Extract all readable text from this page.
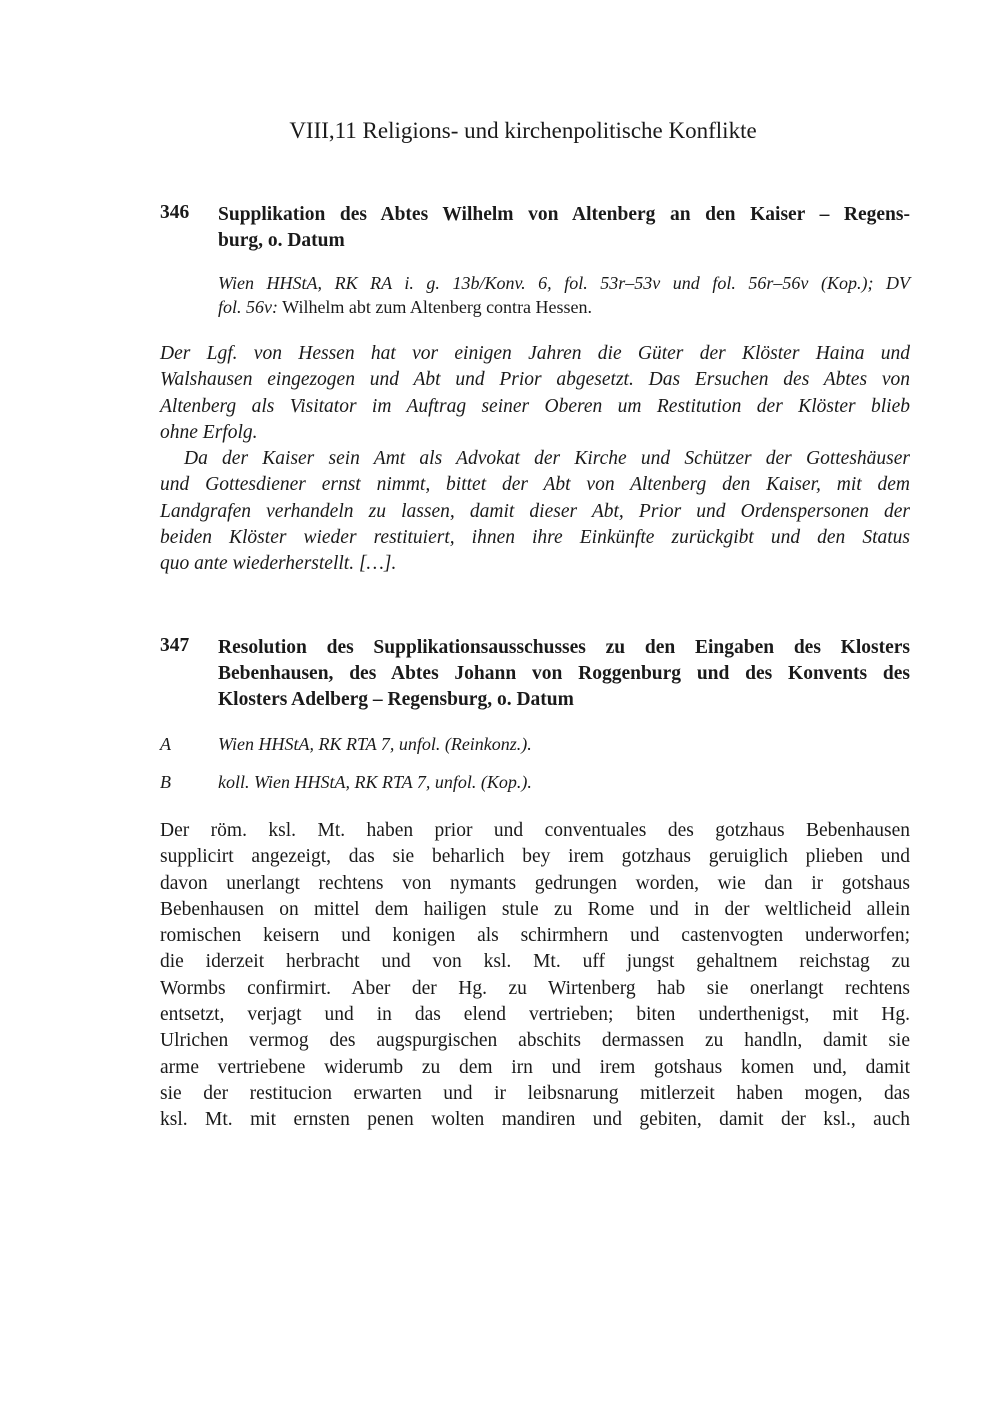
VIII,11 Religions- und kirchenpolitische Konflikte
346 Supplikation des Abtes Wilhelm von Altenberg an den Kaiser – Regens-
burg, o. Datum
Wien HHStA, RK RA i. g. 13b/Konv. 6, fol. 53r–53v und fol. 56r–56v (Kop.); DV
fol. 56v: Wilhelm abt zum Altenberg contra Hessen.
Der Lgf. von Hessen hat vor einigen Jahren die Güter der Klöster Haina und
Walshausen eingezogen und Abt und Prior abgesetzt. Das Ersuchen des Abtes von
Altenberg als Visitator im Auftrag seiner Oberen um Restitution der Klöster blieb
ohne Erfolg.
Da der Kaiser sein Amt als Advokat der Kirche und Schützer der Gotteshäuser
und Gottesdiener ernst nimmt, bittet der Abt von Altenberg den Kaiser, mit dem
Landgrafen verhandeln zu lassen, damit dieser Abt, Prior und Ordenspersonen der
beiden Klöster wieder restituiert, ihnen ihre Einkünfte zurückgibt und den Status
quo ante wiederherstellt. […].
347 Resolution des Supplikationsausschusses zu den Eingaben des Klosters
Bebenhausen, des Abtes Johann von Roggenburg und des Konvents des
Klosters Adelberg – Regensburg, o. Datum
A	Wien HHStA, RK RTA 7, unfol. (Reinkonz.).
B	koll. Wien HHStA, RK RTA 7, unfol. (Kop.).
Der röm. ksl. Mt. haben prior und conventuales des gotzhaus Bebenhausen
supplicirt angezeigt, das sie beharlich bey irem gotzhaus geruiglich plieben und
davon unerlangt rechtens von nymants gedrungen worden, wie dan ir gotshaus
Bebenhausen on mittel dem hailigen stule zu Rome und in der weltlicheid allein
romischen keisern und konigen als schirmhern und castenvogten underworfen;
die iderzeit herbracht und von ksl. Mt. uff jungst gehaltnem reichstag zu
Wormbs confirmirt. Aber der Hg. zu Wirtenberg hab sie onerlangt rechtens
entsetzt, verjagt und in das elend vertrieben; biten underthenigst, mit Hg.
Ulrichen vermog des augspurgischen abschits dermassen zu handln, damit sie
arme vertriebene widerumb zu dem irn und irem gotshaus komen und, damit
sie der restitucion erwarten und ir leibsnarung mitlerzeit haben mogen, das
ksl. Mt. mit ernsten penen wolten mandiren und gebiten, damit der ksl., auch
